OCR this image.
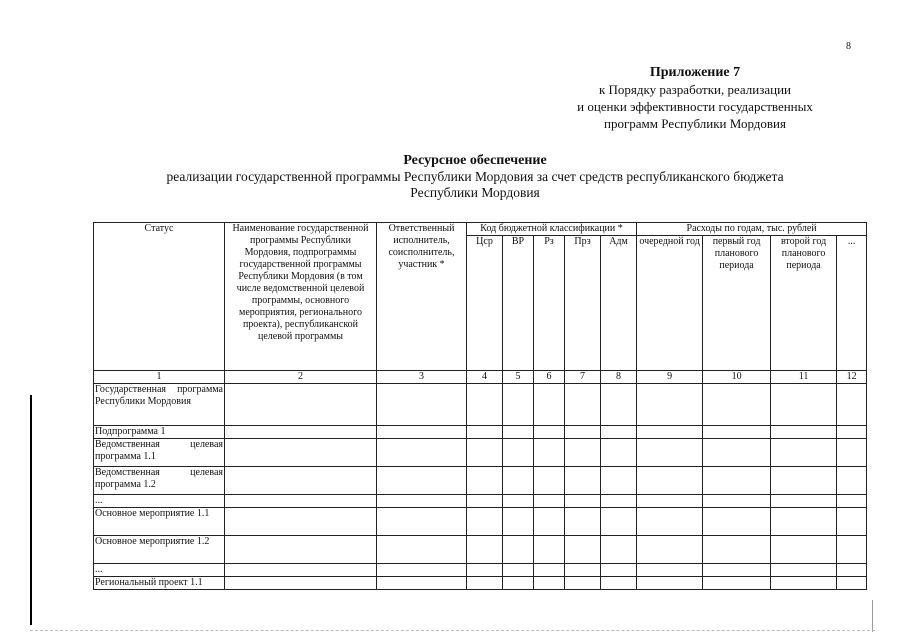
8
Приложение 7
к Порядку разработки, реализации
и оценки эффективности государственных
программ Республики Мордовия
Ресурсное обеспечение
реализации государственной программы Республики Мордовия за счет средств республиканского бюджета
Республики Мордовия
Статус	Наименование государственной программы Республики Мордовия, подпрограммы государственной программы Республики Мордовия (в том числе ведомственной целевой программы, основного мероприятия, регионального проекта), республиканской целевой программы	Ответственный исполнитель, соисполнитель, участник *	Код бюджетной классификации *					Расходы по годам, тыс. рублей			
			Цср	ВР	Рз	Прз	Адм	очередной год	первый год планового периода	второй год планового периода	...
1	2	3	4	5	6	7	8	9	10	11	12
Государственная программа Республики Мордовия											
Подпрограмма 1											
Ведомственная целевая программа 1.1											
Ведомственная целевая программа 1.2											
...											
Основное мероприятие 1.1											
Основное мероприятие 1.2											
...											
Региональный проект 1.1											
